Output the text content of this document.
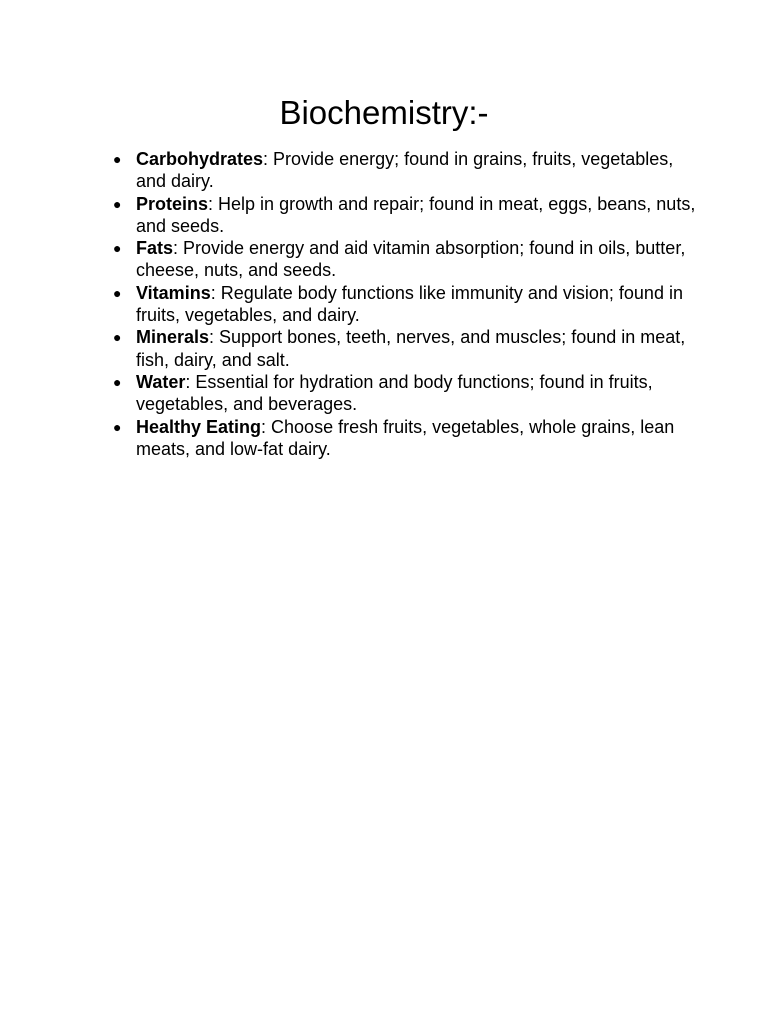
Biochemistry:-
● Carbohydrates: Provide energy; found in grains, fruits, vegetables, and dairy.
● Proteins: Help in growth and repair; found in meat, eggs, beans, nuts, and seeds.
● Fats: Provide energy and aid vitamin absorption; found in oils, butter, cheese, nuts, and seeds.
● Vitamins: Regulate body functions like immunity and vision; found in fruits, vegetables, and dairy.
● Minerals: Support bones, teeth, nerves, and muscles; found in meat, fish, dairy, and salt.
● Water: Essential for hydration and body functions; found in fruits, vegetables, and beverages.
● Healthy Eating: Choose fresh fruits, vegetables, whole grains, lean meats, and low-fat dairy.
